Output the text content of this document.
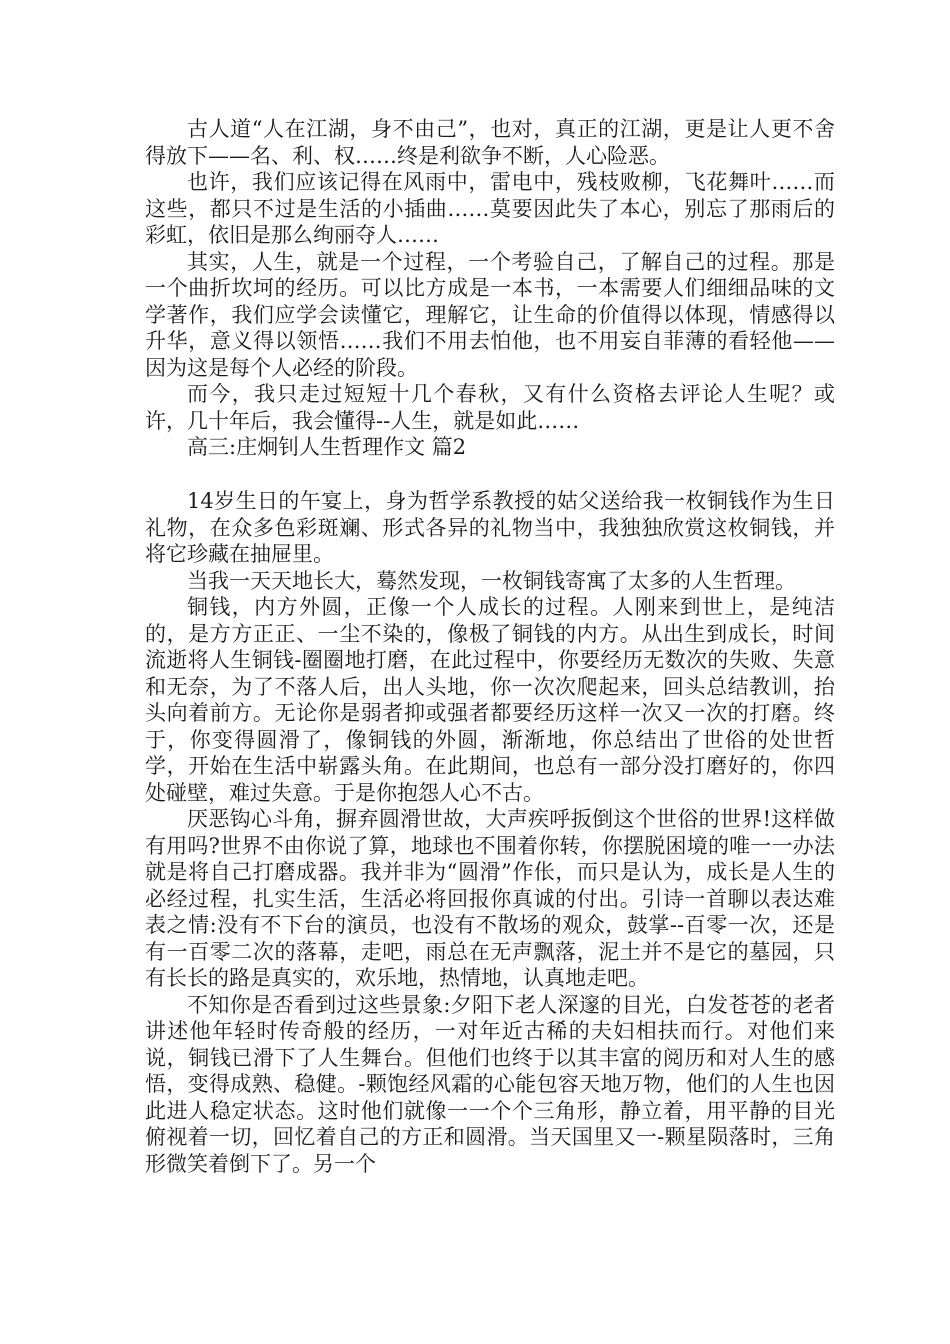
古人道“人在江湖，身不由己”，也对，真正的江湖，更是让人更不舍得放下——名、利、权……终是利欲争不断，人心险恶。

也许，我们应该记得在风雨中，雷电中，残枝败柳，飞花舞叶……而这些，都只不过是生活的小插曲……莫要因此失了本心，别忘了那雨后的彩虹，依旧是那么绚丽夺人……

其实，人生，就是一个过程，一个考验自己，了解自己的过程。那是一个曲折坎坷的经历。可以比方成是一本书，一本需要人们细细品味的文学著作，我们应学会读懂它，理解它，让生命的价值得以体现，情感得以升华，意义得以领悟……我们不用去怕他，也不用妄自菲薄的看轻他——因为这是每个人必经的阶段。

而今，我只走过短短十几个春秋，又有什么资格去评论人生呢？或许，几十年后，我会懂得--人生，就是如此……

高三:庄炯钊人生哲理作文 篇2

14岁生日的午宴上，身为哲学系教授的姑父送给我一枚铜钱作为生日礼物，在众多色彩斑斓、形式各异的礼物当中，我独独欣赏这枚铜钱，并将它珍藏在抽屉里。

当我一天天地长大，蓦然发现，一枚铜钱寄寓了太多的人生哲理。

铜钱，内方外圆，正像一个人成长的过程。人刚来到世上，是纯洁的，是方方正正、一尘不染的，像极了铜钱的内方。从出生到成长，时间流逝将人生铜钱-圈圈地打磨，在此过程中，你要经历无数次的失败、失意和无奈，为了不落人后，出人头地，你一次次爬起来，回头总结教训，抬头向着前方。无论你是弱者抑或强者都要经历这样一次又一次的打磨。终于，你变得圆滑了，像铜钱的外圆，渐渐地，你总结出了世俗的处世哲学，开始在生活中崭露头角。在此期间，也总有一部分没打磨好的，你四处碰壁，难过失意。于是你抱怨人心不古。

厌恶钩心斗角，摒弃圆滑世故，大声疾呼扳倒这个世俗的世界!这样做有用吗?世界不由你说了算，地球也不围着你转，你摆脱困境的唯一一办法就是将自己打磨成器。我并非为“圆滑”作伥，而只是认为，成长是人生的必经过程，扎实生活，生活必将回报你真诚的付出。引诗一首聊以表达难表之情:没有不下台的演员，也没有不散场的观众，鼓掌--百零一次，还是有一百零二次的落幕，走吧，雨总在无声飘落，泥土并不是它的墓园，只有长长的路是真实的，欢乐地，热情地，认真地走吧。

不知你是否看到过这些景象:夕阳下老人深邃的目光，白发苍苍的老者讲述他年轻时传奇般的经历，一对年近古稀的夫妇相扶而行。对他们来说，铜钱已滑下了人生舞台。但他们也终于以其丰富的阅历和对人生的感悟，变得成熟、稳健。-颗饱经风霜的心能包容天地万物，他们的人生也因此进人稳定状态。这时他们就像一一个个三角形，静立着，用平静的目光俯视着一切，回忆着自己的方正和圆滑。当天国里又一-颗星陨落时，三角形微笑着倒下了。另一个
